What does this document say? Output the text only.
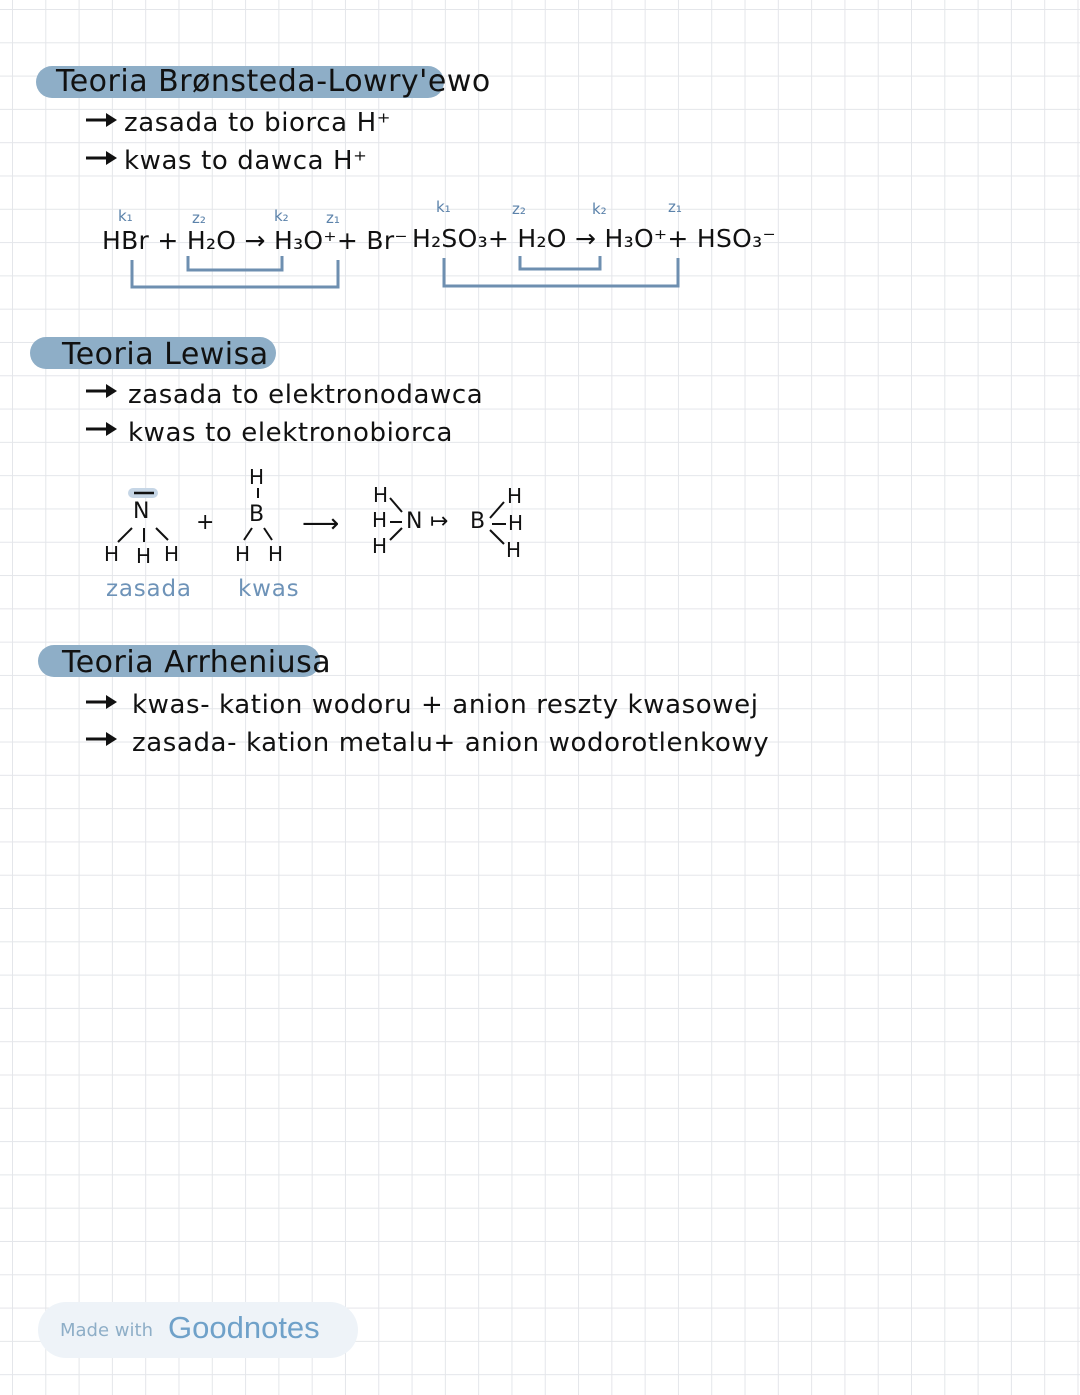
Teoria Brønsteda-Lowry'ewo
zasada to biorca H⁺
kwas to dawca H⁺
k₁	z₂	k₂ z₁
HBr + H₂O → H₃O⁺+ Br⁻
k₁	z₂	k₂	z₁
H₂SO₃+ H₂O → H₃O⁺+ HSO₃⁻
Teoria Lewisa
zasada to elektronodawca
kwas to elektronobiorca
N
H H H
+
H
B
H H
⟶
H
H
H
N ↦ B
H
H
H
zasada kwas
Teoria Arrheniusa
kwas- kation wodoru + anion reszty kwasowej
zasada- kation metalu+ anion wodorotlenkowy
Made with Goodnotes
